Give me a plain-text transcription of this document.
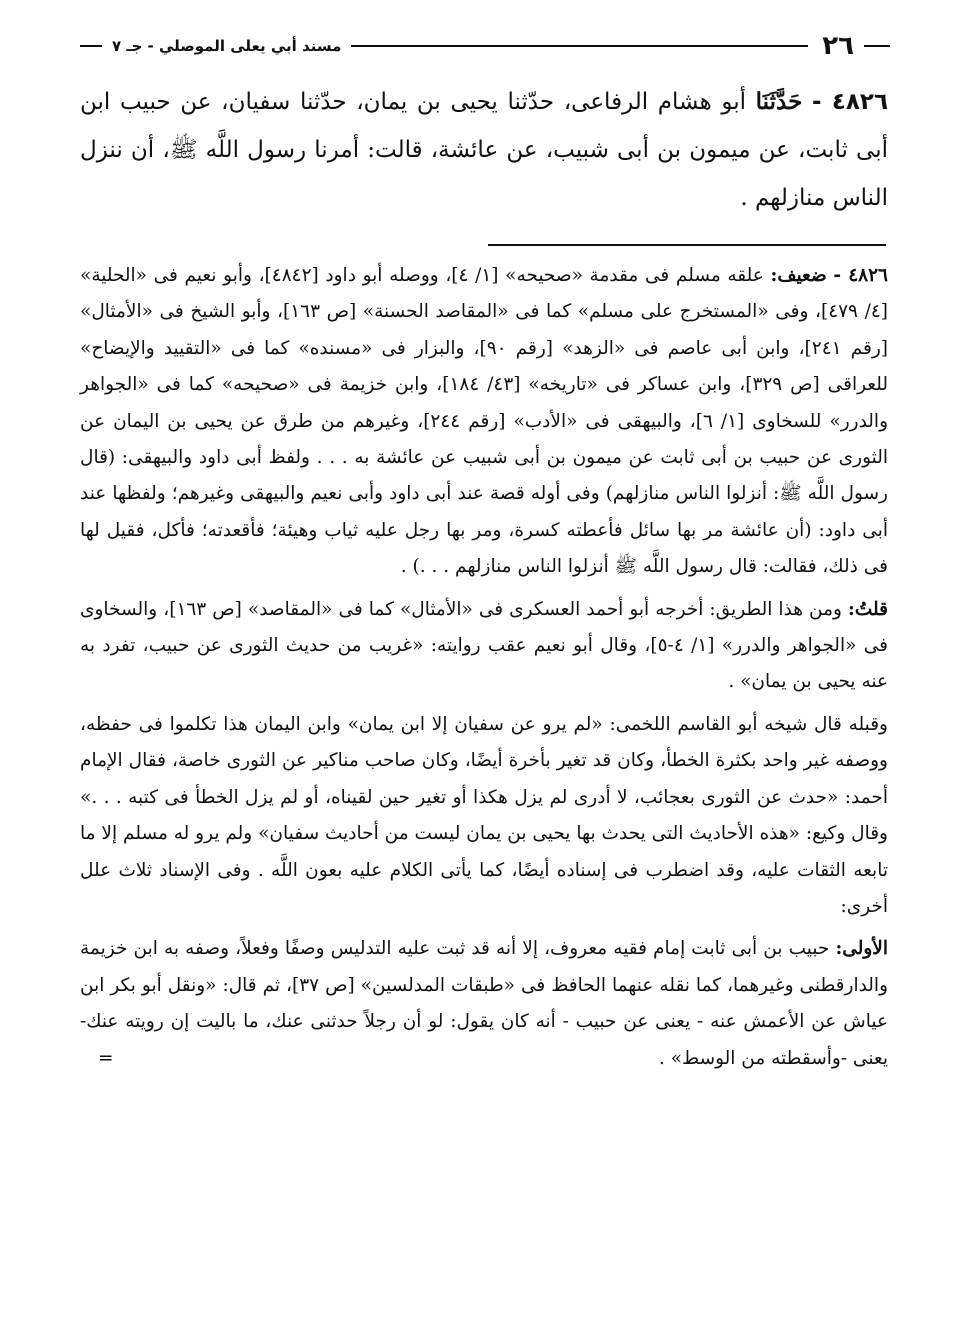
٢٦
مسند أبي يعلى الموصلي - جـ ٧
٤٨٢٦ - حَدَّثَنَا أبو هشام الرفاعى، حدّثنا يحيى بن يمان، حدّثنا سفيان، عن حبيب ابن أبى ثابت، عن ميمون بن أبى شبيب، عن عائشة، قالت: أمرنا رسول اللَّه ﷺ، أن ننزل الناس منازلهم .

٤٨٢٦ - ضعيف: علقه مسلم فى مقدمة «صحيحه» [١/ ٤]، ووصله أبو داود [٤٨٤٢]، وأبو نعيم فى «الحلية» [٤/ ٤٧٩]، وفى «المستخرج على مسلم» كما فى «المقاصد الحسنة» [ص ١٦٣]، وأبو الشيخ فى «الأمثال» [رقم ٢٤١]، وابن أبى عاصم فى «الزهد» [رقم ٩٠]، والبزار فى «مسنده» كما فى «التقييد والإيضاح» للعراقى [ص ٣٢٩]، وابن عساكر فى «تاريخه» [٤٣/ ١٨٤]، وابن خزيمة فى «صحيحه» كما فى «الجواهر والدرر» للسخاوى [١/ ٦]، والبيهقى فى «الأدب» [رقم ٢٤٤]، وغيرهم من طرق عن يحيى بن اليمان عن الثورى عن حبيب بن أبى ثابت عن ميمون بن أبى شبيب عن عائشة به . . . ولفظ أبى داود والبيهقى: (قال رسول اللَّه ﷺ: أنزلوا الناس منازلهم) وفى أوله قصة عند أبى داود وأبى نعيم والبيهقى وغيرهم؛ ولفظها عند أبى داود: (أن عائشة مر بها سائل فأعطته كسرة، ومر بها رجل عليه ثياب وهيئة؛ فأقعدته؛ فأكل، فقيل لها فى ذلك، فقالت: قال رسول اللَّه ﷺ أنزلوا الناس منازلهم . . .) .

قلتُ: ومن هذا الطريق: أخرجه أبو أحمد العسكرى فى «الأمثال» كما فى «المقاصد» [ص ١٦٣]، والسخاوى فى «الجواهر والدرر» [١/ ٤-٥]، وقال أبو نعيم عقب روايته: «غريب من حديث الثورى عن حبيب، تفرد به عنه يحيى بن يمان» .

وقبله قال شيخه أبو القاسم اللخمى: «لم يرو عن سفيان إلا ابن يمان» وابن اليمان هذا تكلموا فى حفظه، ووصفه غير واحد بكثرة الخطأ، وكان قد تغير بأخرة أيضًا، وكان صاحب مناكير عن الثورى خاصة، فقال الإمام أحمد: «حدث عن الثورى بعجائب، لا أدرى لم يزل هكذا أو تغير حين لقيناه، أو لم يزل الخطأ فى كتبه . . .» وقال وكيع: «هذه الأحاديث التى يحدث بها يحيى بن يمان ليست من أحاديث سفيان» ولم يرو له مسلم إلا ما تابعه الثقات عليه، وقد اضطرب فى إسناده أيضًا، كما يأتى الكلام عليه بعون اللَّه . وفى الإسناد ثلاث علل أخرى:

الأولى: حبيب بن أبى ثابت إمام فقيه معروف، إلا أنه قد ثبت عليه التدليس وصفًا وفعلاً، وصفه به ابن خزيمة والدارقطنى وغيرهما، كما نقله عنهما الحافظ فى «طبقات المدلسين» [ص ٣٧]، ثم قال: «ونقل أبو بكر ابن عياش عن الأعمش عنه - يعنى عن حبيب - أنه كان يقول: لو أن رجلاً حدثنى عنك، ما باليت إن رويته عنك- يعنى -وأسقطته من الوسط» .
=
